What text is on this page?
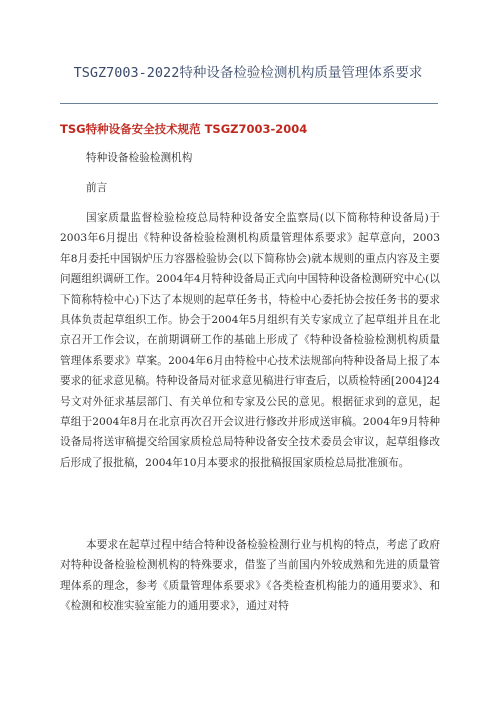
TSGZ7003-2022特种设备检验检测机构质量管理体系要求

TSG特种设备安全技术规范 TSGZ7003-2004

特种设备检验检测机构

前言

国家质量监督检验检疫总局特种设备安全监察局(以下简称特种设备局)于2003年6月提出《特种设备检验检测机构质量管理体系要求》起草意向，2003年8月委托中国锅炉压力容器检验协会(以下简称协会)就本规则的重点内容及主要问题组织调研工作。2004年4月特种设备局正式向中国特种设备检测研究中心(以下简称特检中心)下达了本规则的起草任务书，特检中心委托协会按任务书的要求具体负责起草组织工作。协会于2004年5月组织有关专家成立了起草组并且在北京召开工作会议，在前期调研工作的基础上形成了《特种设备检验检测机构质量管理体系要求》草案。2004年6月由特检中心技术法规部向特种设备局上报了本要求的征求意见稿。特种设备局对征求意见稿进行审查后，以质检特函[2004]24号文对外征求基层部门、有关单位和专家及公民的意见。根据征求到的意见，起草组于2004年8月在北京再次召开会议进行修改并形成送审稿。2004年9月特种设备局将送审稿提交给国家质检总局特种设备安全技术委员会审议，起草组修改后形成了报批稿，2004年10月本要求的报批稿报国家质检总局批准颁布。

本要求在起草过程中结合特种设备检验检测行业与机构的特点，考虑了政府对特种设备检验检测机构的特殊要求，借鉴了当前国内外较成熟和先进的质量管理体系的理念，参考《质量管理体系要求》《各类检查机构能力的通用要求》、和《检测和校准实验室能力的通用要求》，通过对特
